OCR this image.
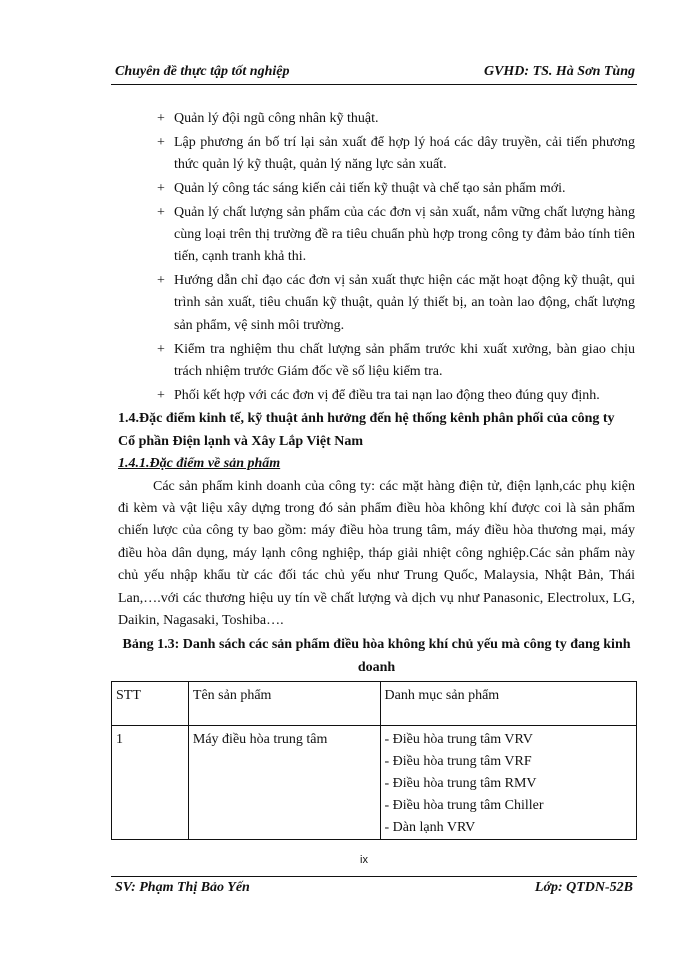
Chuyên đề thực tập tốt nghiệp	GVHD: TS. Hà Sơn Tùng
+ Quản lý đội ngũ công nhân kỹ thuật.
+ Lập phương án bố trí lại sản xuất để hợp lý hoá các dây truyền, cải tiến phương thức quản lý kỹ thuật, quản lý năng lực sản xuất.
+ Quản lý công tác sáng kiến cải tiến kỹ thuật và chế tạo sản phẩm mới.
+ Quản lý chất lượng sản phẩm của các đơn vị sản xuất, nắm vững chất lượng hàng cùng loại trên thị trường đề ra tiêu chuẩn phù hợp trong công ty đảm bảo tính tiên tiến, cạnh tranh khả thi.
+ Hướng dẫn chỉ đạo các đơn vị sản xuất thực hiện các mặt hoạt động kỹ thuật, qui trình sản xuất, tiêu chuẩn kỹ thuật, quản lý thiết bị, an toàn lao động, chất lượng sản phẩm, vệ sinh môi trường.
+ Kiểm tra nghiệm thu chất lượng sản phẩm trước khi xuất xưởng, bàn giao chịu trách nhiệm trước Giám đốc về số liệu kiểm tra.
+ Phối kết hợp với các đơn vị để điều tra tai nạn lao động theo đúng quy định.
1.4.Đặc điểm kinh tế, kỹ thuật ảnh hưởng đến hệ thống kênh phân phối của công ty Cổ phần Điện lạnh và Xây Lắp Việt Nam
1.4.1.Đặc điểm về sản phẩm
Các sản phẩm kinh doanh của công ty: các mặt hàng điện tử, điện lạnh,các phụ kiện đi kèm và vật liệu xây dựng trong đó sản phẩm điều hòa không khí được coi là sản phẩm chiến lược của công ty bao gồm: máy điều hòa trung tâm, máy điều hòa thương mại, máy điều hòa dân dụng, máy lạnh công nghiệp, tháp giải nhiệt công nghiệp.Các sản phẩm này chủ yếu nhập khẩu từ các đối tác chủ yếu như Trung Quốc, Malaysia, Nhật Bản, Thái Lan,….với các thương hiệu uy tín về chất lượng và dịch vụ như Panasonic, Electrolux, LG, Daikin, Nagasaki, Toshiba….
Bảng 1.3: Danh sách các sản phẩm điều hòa không khí chủ yếu mà công ty đang kinh doanh
STT	Tên sản phẩm	Danh mục sản phẩm
1	Máy điều hòa trung tâm	- Điều hòa trung tâm VRV
- Điều hòa trung tâm VRF
- Điều hòa trung tâm RMV
- Điều hòa trung tâm Chiller
- Dàn lạnh VRV
ix
SV: Phạm Thị Bảo Yến	Lớp: QTDN-52B
